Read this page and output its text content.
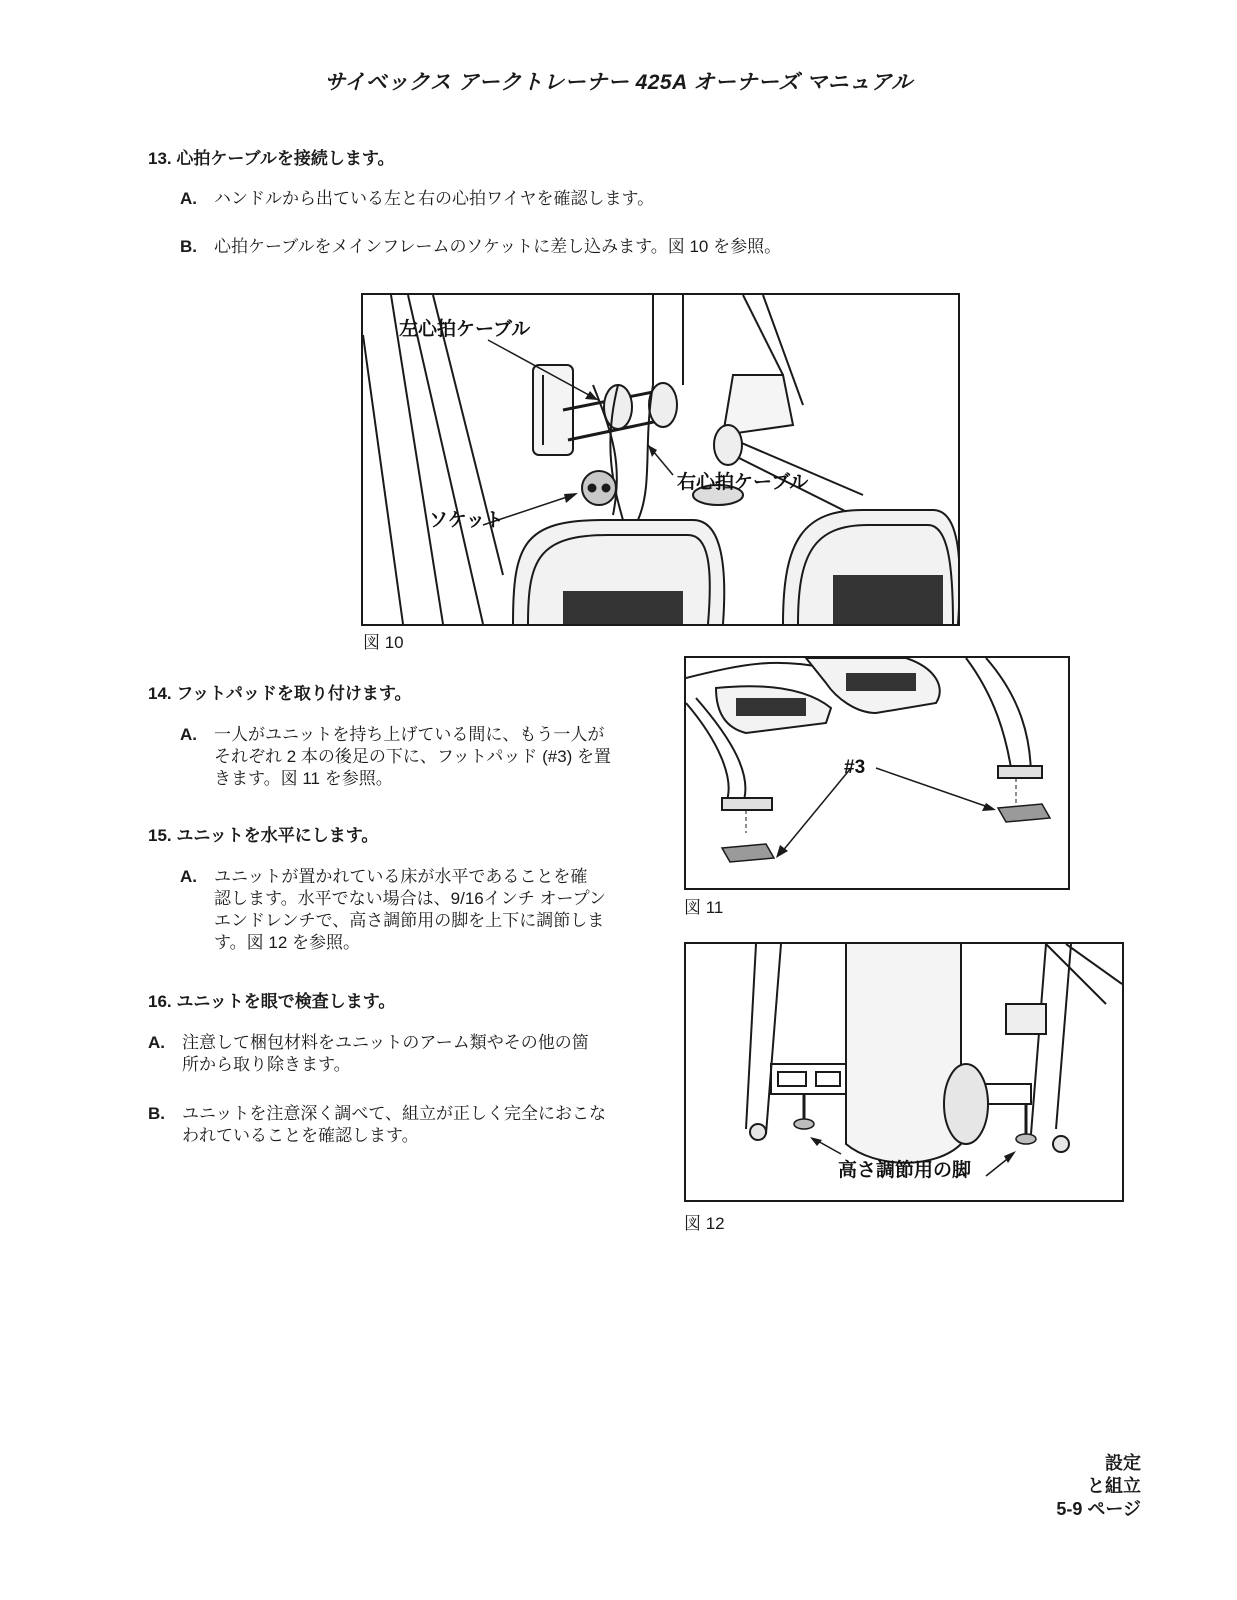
サイベックス アークトレーナー 425A オーナーズ マニュアル
13. 心拍ケーブルを接続します。
A. ハンドルから出ている左と右の心拍ワイヤを確認します。
B. 心拍ケーブルをメインフレームのソケットに差し込みます。図 10 を参照。
左心拍ケーブル
右心拍ケーブル
ソケット
図 10
14. フットパッドを取り付けます。
A. 一人がユニットを持ち上げている間に、もう一人が
それぞれ 2 本の後足の下に、フットパッド (#3) を置
きます。図 11 を参照。
15. ユニットを水平にします。
A. ユニットが置かれている床が水平であることを確
認します。水平でない場合は、9/16インチ オープン
エンドレンチで、高さ調節用の脚を上下に調節しま
す。図 12 を参照。
16. ユニットを眼で検査します。
A. 注意して梱包材料をユニットのアーム類やその他の箇
所から取り除きます。
B. ユニットを注意深く調べて、組立が正しく完全におこな
われていることを確認します。
#3
図 11
高さ調節用の脚
図 12
設定
と組立
5-9 ページ
